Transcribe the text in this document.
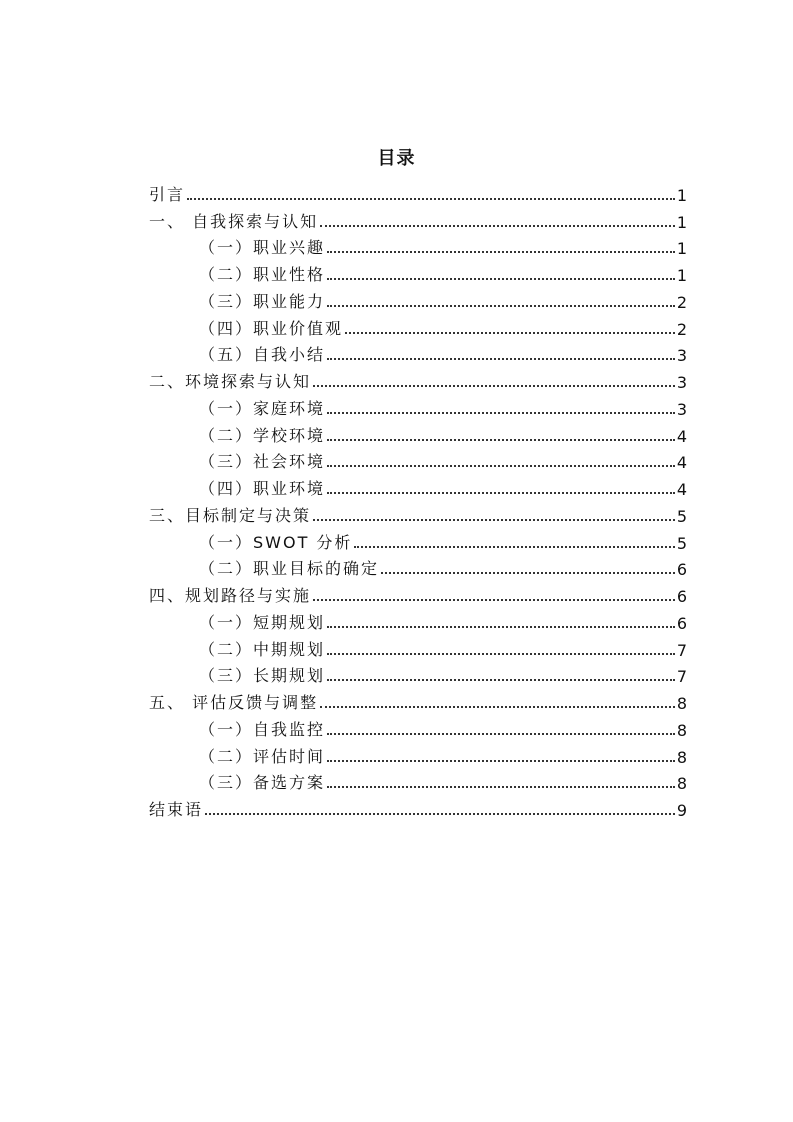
目录
引言	1
一、 自我探索与认知	1
（一）职业兴趣	1
（二）职业性格	1
（三）职业能力	2
（四）职业价值观	2
（五）自我小结	3
二、环境探索与认知	3
（一）家庭环境	3
（二）学校环境	4
（三）社会环境	4
（四）职业环境	4
三、目标制定与决策	5
（一）SWOT 分析	5
（二）职业目标的确定	6
四、规划路径与实施	6
（一）短期规划	6
（二）中期规划	7
（三）长期规划	7
五、 评估反馈与调整	8
（一）自我监控	8
（二）评估时间	8
（三）备选方案	8
结束语	9
